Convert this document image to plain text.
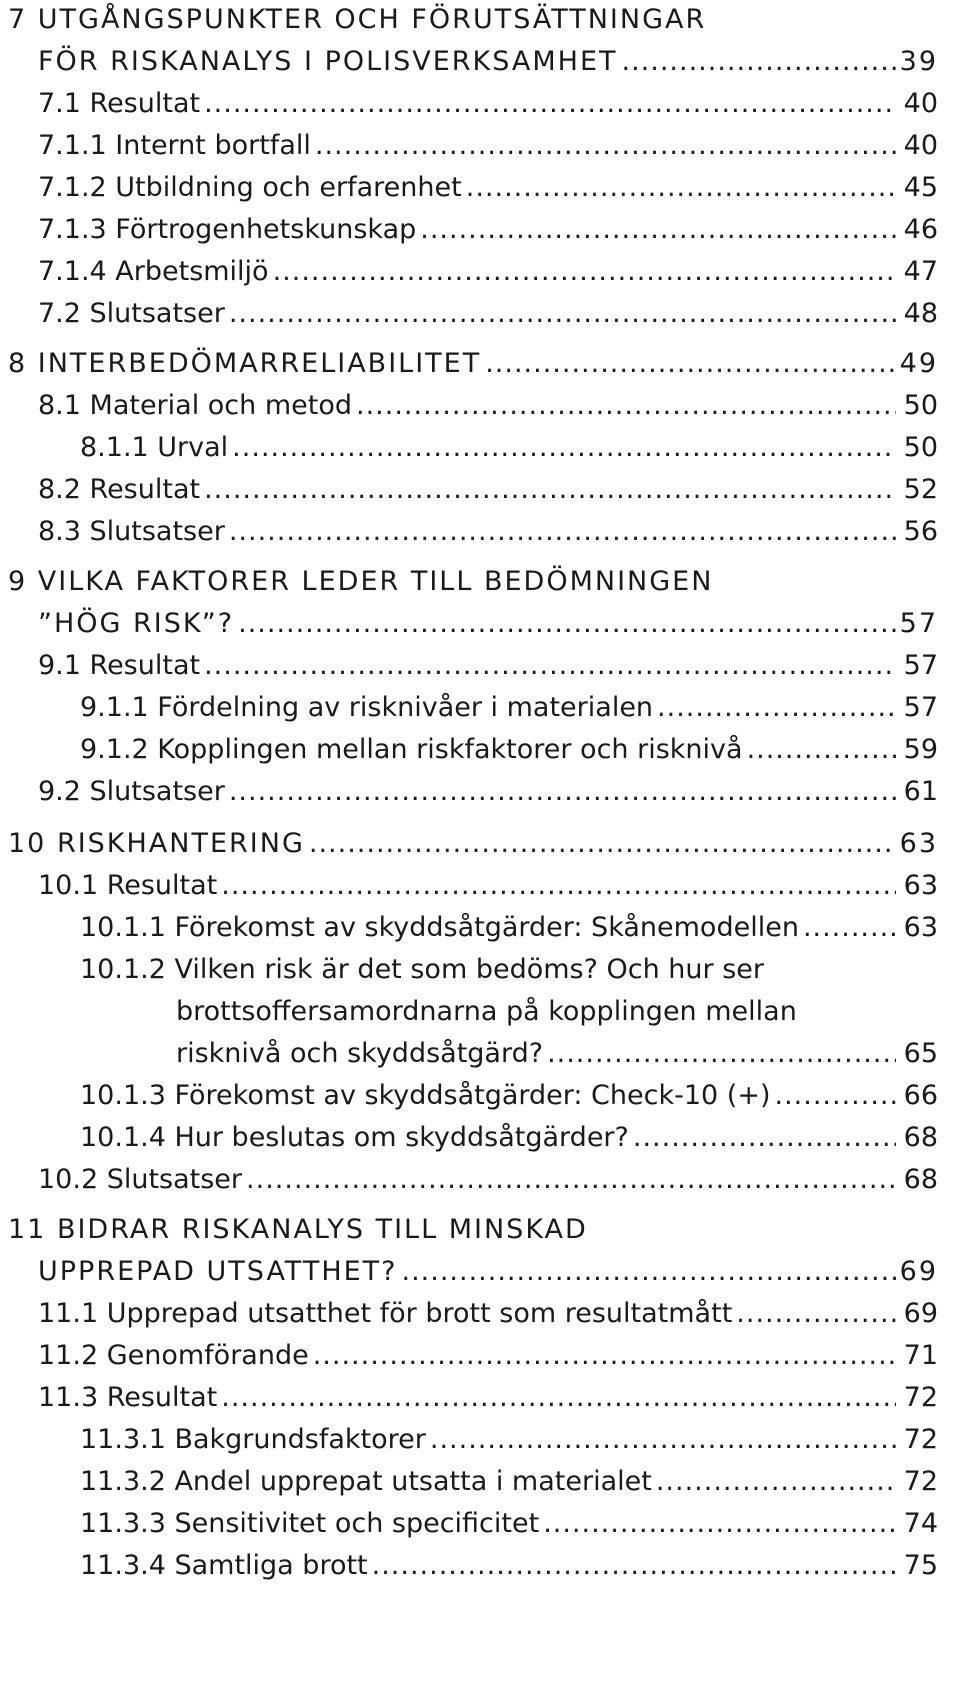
7 UTGÅNGSPUNKTER OCH FÖRUTSÄTTNINGAR
FÖR RISKANALYS I POLISVERKSAMHET .....	39
7.1 Resultat .....	40
7.1.1 Internt bortfall .....	40
7.1.2 Utbildning och erfarenhet .....	45
7.1.3 Förtrogenhetskunskap .....	46
7.1.4 Arbetsmiljö .....	47
7.2 Slutsatser .....	48
8 INTERBEDÖMARRELIABILITET .....	49
8.1 Material och metod .....	50
8.1.1 Urval .....	50
8.2 Resultat .....	52
8.3 Slutsatser .....	56
9 VILKA FAKTORER LEDER TILL BEDÖMNINGEN
”HÖG RISK”? .....	57
9.1 Resultat .....	57
9.1.1 Fördelning av risknivåer i materialen .....	57
9.1.2 Kopplingen mellan riskfaktorer och risknivå .....	59
9.2 Slutsatser .....	61
10 RISKHANTERING .....	63
10.1 Resultat .....	63
10.1.1 Förekomst av skyddsåtgärder: Skånemodellen .....	63
10.1.2 Vilken risk är det som bedöms? Och hur ser
brottsoffersamordnarna på kopplingen mellan
risknivå och skyddsåtgärd? .....	65
10.1.3 Förekomst av skyddsåtgärder: Check-10 (+) .....	66
10.1.4 Hur beslutas om skyddsåtgärder? .....	68
10.2 Slutsatser .....	68
11 BIDRAR RISKANALYS TILL MINSKAD
UPPREPAD UTSATTHET? .....	69
11.1 Upprepad utsatthet för brott som resultatmått .....	69
11.2 Genomförande .....	71
11.3 Resultat .....	72
11.3.1 Bakgrundsfaktorer .....	72
11.3.2 Andel upprepat utsatta i materialet .....	72
11.3.3 Sensitivitet och specificitet .....	74
11.3.4 Samtliga brott .....	75
